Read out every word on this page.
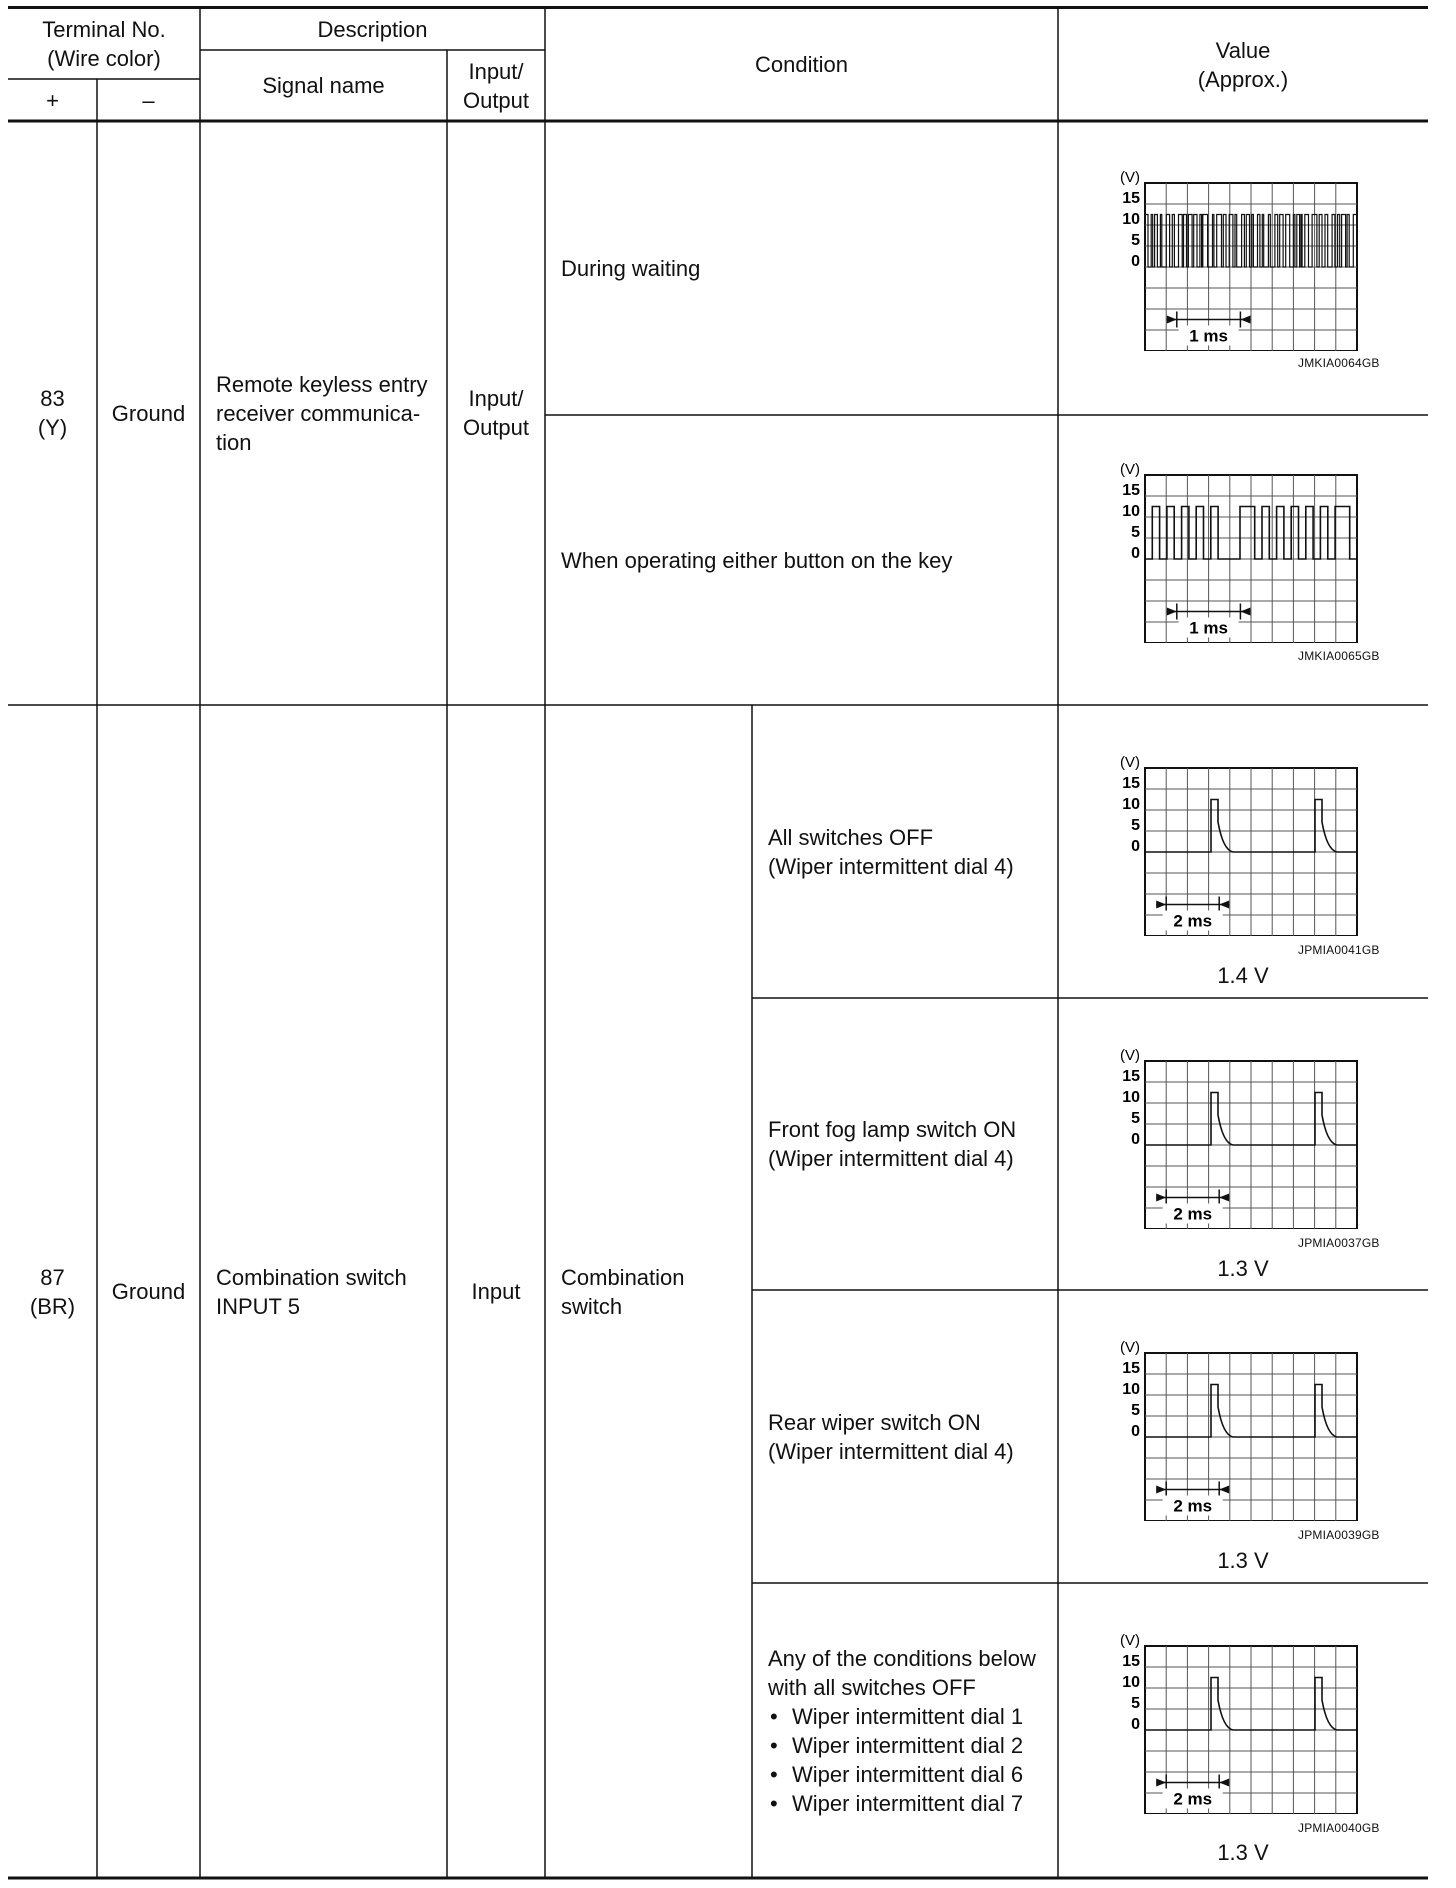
Terminal No.
(Wire color)
+	–
Description
Signal name
Input/
Output
Condition
Value
(Approx.)
83
(Y)
Ground
Remote keyless entry
receiver communica-
tion
Input/
Output
During waiting
When operating either button on the key
87
(BR)
Ground
Combination switch
INPUT 5
Input
Combination
switch
All switches OFF
(Wiper intermittent dial 4)
Front fog lamp switch ON
(Wiper intermittent dial 4)
Rear wiper switch ON
(Wiper intermittent dial 4)
Any of the conditions below
with all switches OFF
• Wiper intermittent dial 1
• Wiper intermittent dial 2
• Wiper intermittent dial 6
• Wiper intermittent dial 7
(V)
15
10
5
0
1 ms
JMKIA0064GB
(V)
15
10
5
0
1 ms
JMKIA0065GB
(V)
15
10
5
0
2 ms
JPMIA0041GB
1.4 V
(V)
15
10
5
0
2 ms
JPMIA0037GB
1.3 V
(V)
15
10
5
0
2 ms
JPMIA0039GB
1.3 V
(V)
15
10
5
0
2 ms
JPMIA0040GB
1.3 V
